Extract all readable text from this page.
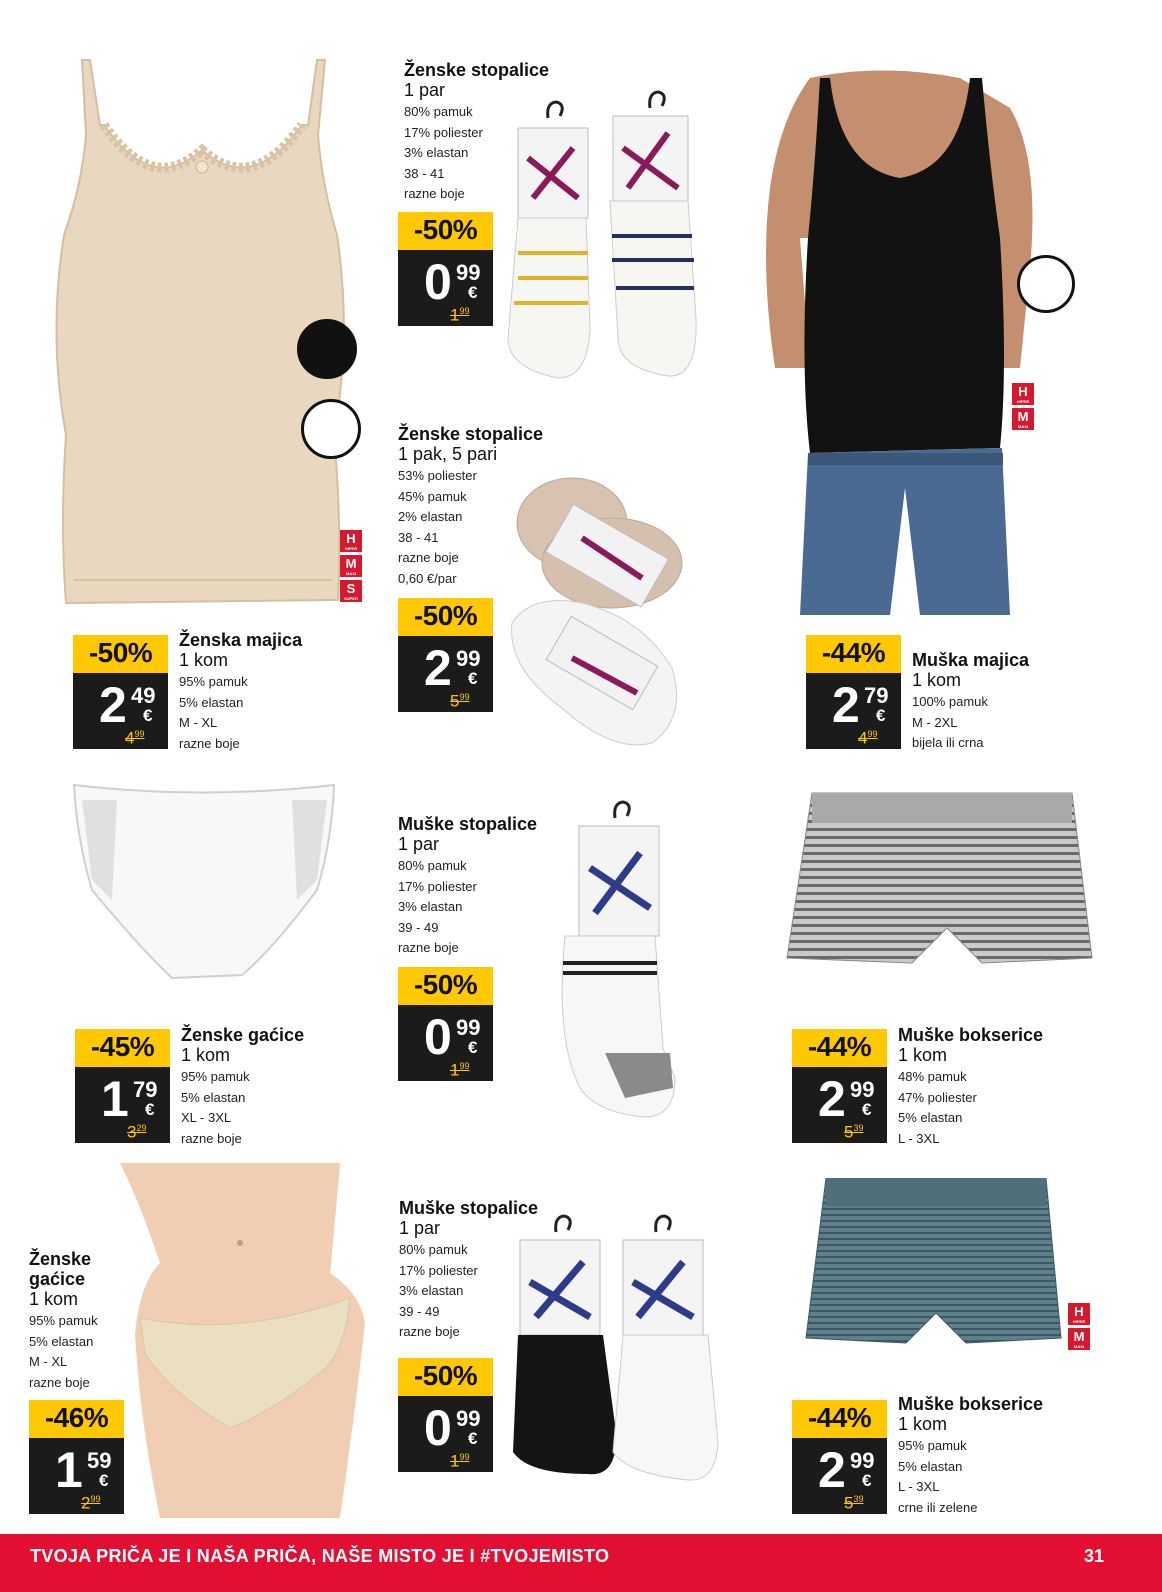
H
HIPER
M
MAXI
S
SUPER
H
HIPER
M
MAXI
H
HIPER
M
MAXI
Ženske stopalice
1 par
80% pamuk
17% poliester
3% elastan
38 - 41
razne boje
-50%
0 99
€
$1^{99}$
Ženske stopalice
1 pak, 5 pari
53% poliester
45% pamuk
2% elastan
38 - 41
razne boje
0,60 €/par
-50%
2 99
€
$5^{99}$
-50%
2 49
€
$4^{99}$
Ženska majica
1 kom
95% pamuk
5% elastan
M - XL
razne boje
-44%
2 79
€
$4^{99}$
Muška majica
1 kom
100% pamuk
M - 2XL
bijela ili crna
-45%
1 79
€
$3^{29}$
Ženske gaćice
1 kom
95% pamuk
5% elastan
XL - 3XL
razne boje
Muške stopalice
1 par
80% pamuk
17% poliester
3% elastan
39 - 49
razne boje
-50%
0 99
€
$1^{99}$
-44%
2 99
€
$5^{39}$
Muške bokserice
1 kom
48% pamuk
47% poliester
5% elastan
L - 3XL
Ženske
gaćice
1 kom
95% pamuk
5% elastan
M - XL
razne boje
-46%
1 59
€
$2^{99}$
Muške stopalice
1 par
80% pamuk
17% poliester
3% elastan
39 - 49
razne boje
-50%
0 99
€
$1^{99}$
-44%
2 99
€
$5^{39}$
Muške bokserice
1 kom
95% pamuk
5% elastan
L - 3XL
crne ili zelene
TVOJA PRIČA JE I NAŠA PRIČA, NAŠE MISTO JE I #TVOJEMISTO	31
